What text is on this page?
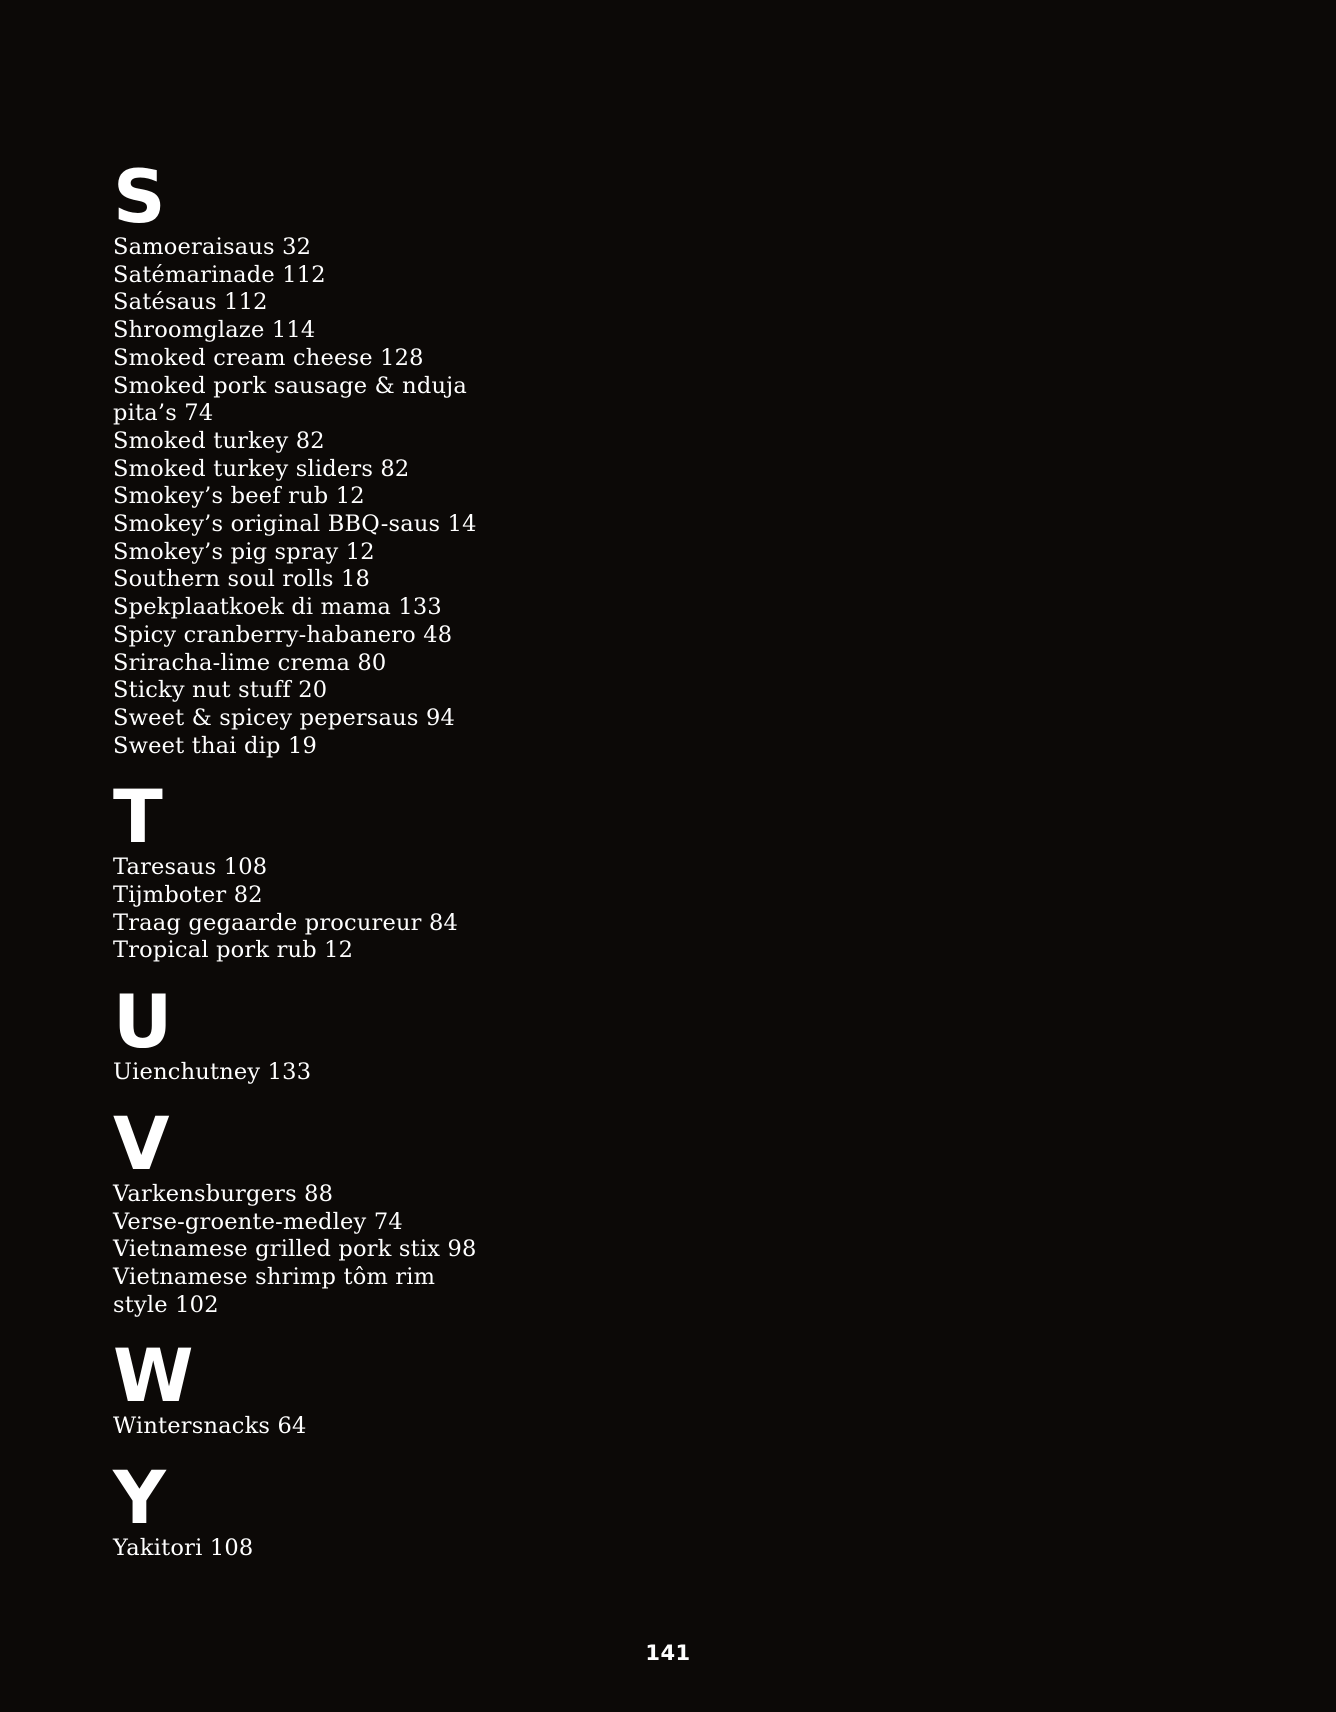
S
Samoeraisaus 32
Satémarinade 112
Satésaus 112
Shroomglaze 114
Smoked cream cheese 128
Smoked pork sausage & nduja
pita’s 74
Smoked turkey 82
Smoked turkey sliders 82
Smokey’s beef rub 12
Smokey’s original BBQ-saus 14
Smokey’s pig spray 12
Southern soul rolls 18
Spekplaatkoek di mama 133
Spicy cranberry-habanero 48
Sriracha-lime crema 80
Sticky nut stuff 20
Sweet & spicey pepersaus 94
Sweet thai dip 19
T
Taresaus 108
Tijmboter 82
Traag gegaarde procureur 84
Tropical pork rub 12
U
Uienchutney 133
V
Varkensburgers 88
Verse-groente-medley 74
Vietnamese grilled pork stix 98
Vietnamese shrimp tôm rim
style 102
W
Wintersnacks 64
Y
Yakitori 108
141
